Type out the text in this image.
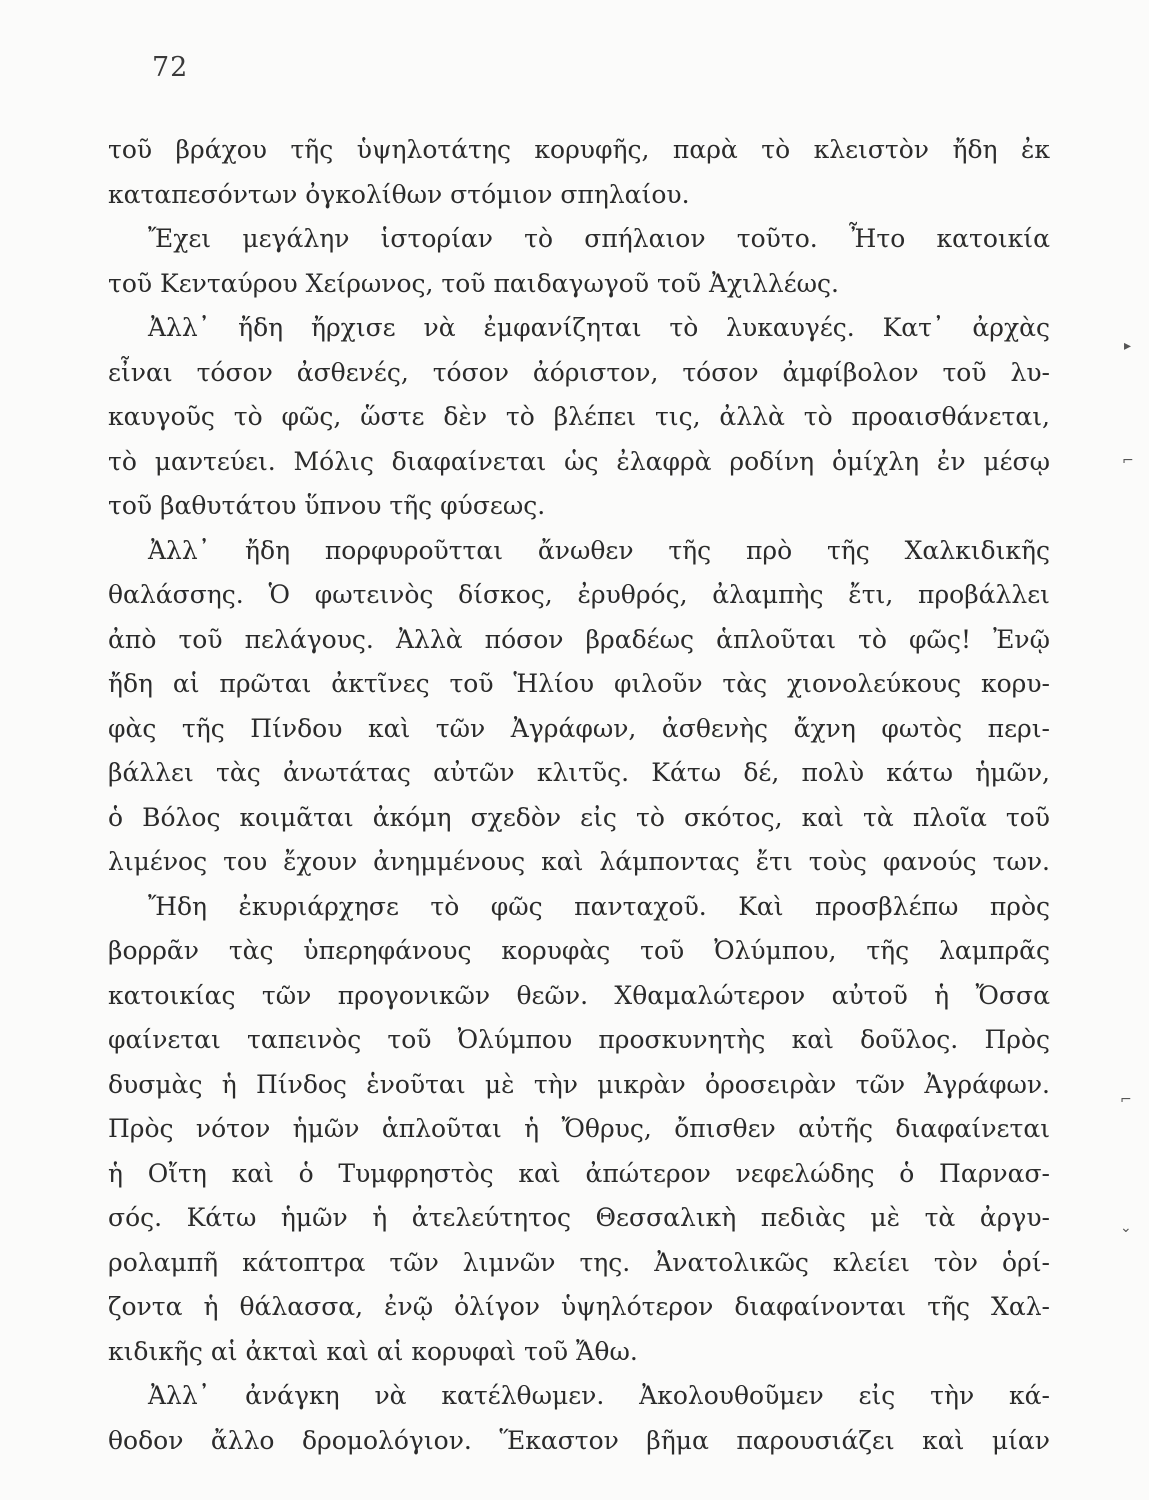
72
τοῦ βράχου τῆς ὑψηλοτάτης κορυφῆς, παρὰ τὸ κλειστὸν ἤδη ἐκ
καταπεσόντων ὀγκολίθων στόμιον σπηλαίου.
Ἔχει μεγάλην ἱστορίαν τὸ σπήλαιον τοῦτο. Ἦτο κατοικία
τοῦ Κενταύρου Χείρωνος, τοῦ παιδαγωγοῦ τοῦ Ἀχιλλέως.
Ἀλλ᾽ ἤδη ἤρχισε νὰ ἐμφανίζηται τὸ λυκαυγές. Κατ᾽ ἀρχὰς
εἶναι τόσον ἀσθενές, τόσον ἀόριστον, τόσον ἀμφίβολον τοῦ λυ-
καυγοῦς τὸ φῶς, ὥστε δὲν τὸ βλέπει τις, ἀλλὰ τὸ προαισθάνεται,
τὸ μαντεύει. Μόλις διαφαίνεται ὡς ἐλαφρὰ ροδίνη ὁμίχλη ἐν μέσῳ
τοῦ βαθυτάτου ὕπνου τῆς φύσεως.
Ἀλλ᾽ ἤδη πορφυροῦτται ἄνωθεν τῆς πρὸ τῆς Χαλκιδικῆς
θαλάσσης. Ὁ φωτεινὸς δίσκος, ἐρυθρός, ἀλαμπὴς ἔτι, προβάλλει
ἀπὸ τοῦ πελάγους. Ἀλλὰ πόσον βραδέως ἁπλοῦται τὸ φῶς! Ἐνῷ
ἤδη αἱ πρῶται ἀκτῖνες τοῦ Ἡλίου φιλοῦν τὰς χιονολεύκους κορυ-
φὰς τῆς Πίνδου καὶ τῶν Ἀγράφων, ἀσθενὴς ἄχνη φωτὸς περι-
βάλλει τὰς ἀνωτάτας αὐτῶν κλιτῦς. Κάτω δέ, πολὺ κάτω ἡμῶν,
ὁ Βόλος κοιμᾶται ἀκόμη σχεδὸν εἰς τὸ σκότος, καὶ τὰ πλοῖα τοῦ
λιμένος του ἔχουν ἀνημμένους καὶ λάμποντας ἔτι τοὺς φανούς των.
Ἤδη ἐκυριάρχησε τὸ φῶς πανταχοῦ. Καὶ προσβλέπω πρὸς
βορρᾶν τὰς ὑπερηφάνους κορυφὰς τοῦ Ὀλύμπου, τῆς λαμπρᾶς
κατοικίας τῶν προγονικῶν θεῶν. Χθαμαλώτερον αὐτοῦ ἡ Ὄσσα
φαίνεται ταπεινὸς τοῦ Ὀλύμπου προσκυνητὴς καὶ δοῦλος. Πρὸς
δυσμὰς ἡ Πίνδος ἑνοῦται μὲ τὴν μικρὰν ὀροσειρὰν τῶν Ἀγράφων.
Πρὸς νότον ἡμῶν ἁπλοῦται ἡ Ὄθρυς, ὄπισθεν αὐτῆς διαφαίνεται
ἡ Οἴτη καὶ ὁ Τυμφρηστὸς καὶ ἀπώτερον νεφελώδης ὁ Παρνασ-
σός. Κάτω ἡμῶν ἡ ἀτελεύτητος Θεσσαλικὴ πεδιὰς μὲ τὰ ἀργυ-
ρολαμπῆ κάτοπτρα τῶν λιμνῶν της. Ἀνατολικῶς κλείει τὸν ὁρί-
ζοντα ἡ θάλασσα, ἐνῷ ὀλίγον ὑψηλότερον διαφαίνονται τῆς Χαλ-
κιδικῆς αἱ ἀκταὶ καὶ αἱ κορυφαὶ τοῦ Ἄθω.
Ἀλλ᾽ ἀνάγκη νὰ κατέλθωμεν. Ἀκολουθοῦμεν εἰς τὴν κά-
θοδον ἄλλο δρομολόγιον. Ἕκαστον βῆμα παρουσιάζει καὶ μίαν
▸
⌐
⌐
⌄
